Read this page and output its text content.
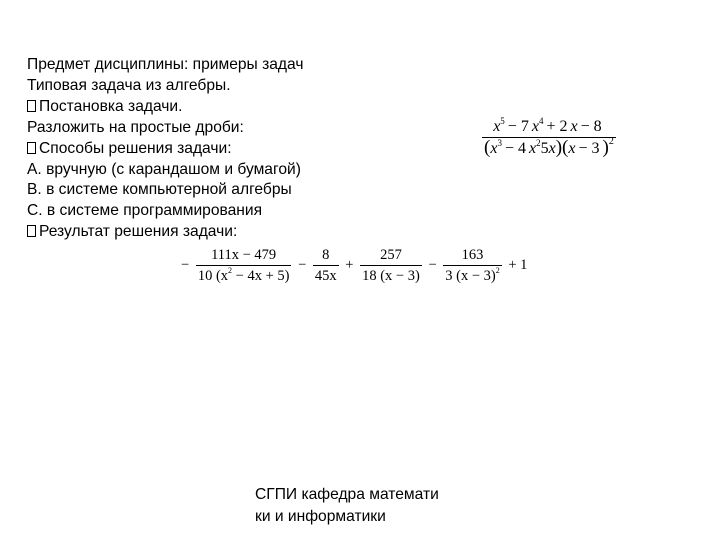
Предмет дисциплины: примеры задач
Типовая задача из алгебры.
Постановка задачи.
Разложить на простые дроби:
Способы решения задачи:
A. вручную (с карандашом и бумагой)
B. в системе компьютерной алгебры
C. в системе программирования
Результат решения задачи:
$\frac{x^5 - 7 x^4 + 2 x - 8}{(x^3 - 4 x^25x)(x - 3 )^2}$
− $\frac{111x - 479}{10 (x^2 - 4x + 5)} - \frac{8}{45x} + \frac{257}{18 (x - 3)} - \frac{163}{3 (x - 3)^2} + 1$
СГПИ кафедра математи
ки и информатики
